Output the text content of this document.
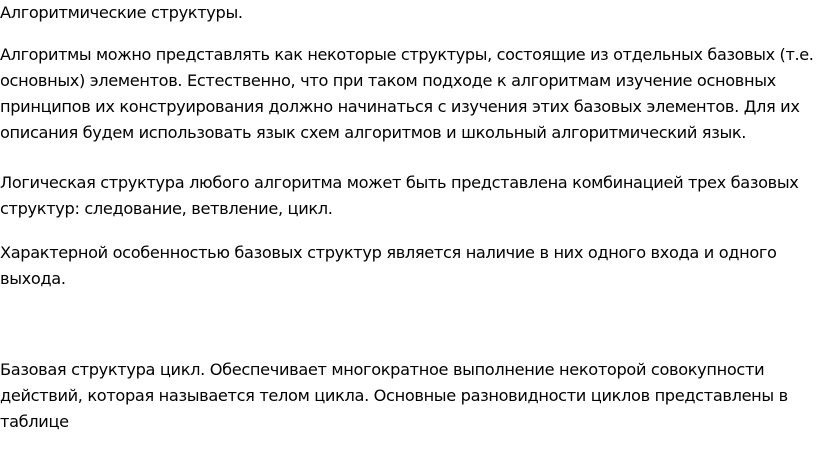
Алгоритмические структуры.

Алгоритмы можно представлять как некоторые структуры, состоящие из отдельных базовых (т.е.
основных) элементов. Естественно, что при таком подходе к алгоритмам изучение основных
принципов их конструирования должно начинаться с изучения этих базовых элементов. Для их
описания будем использовать язык схем алгоритмов и школьный алгоритмический язык.

Логическая структура любого алгоритма может быть представлена комбинацией трех базовых
структур: следование, ветвление, цикл.

Характерной особенностью базовых структур является наличие в них одного входа и одного
выхода.

Базовая структура цикл. Обеспечивает многократное выполнение некоторой совокупности
действий, которая называется телом цикла. Основные разновидности циклов представлены в
таблице
